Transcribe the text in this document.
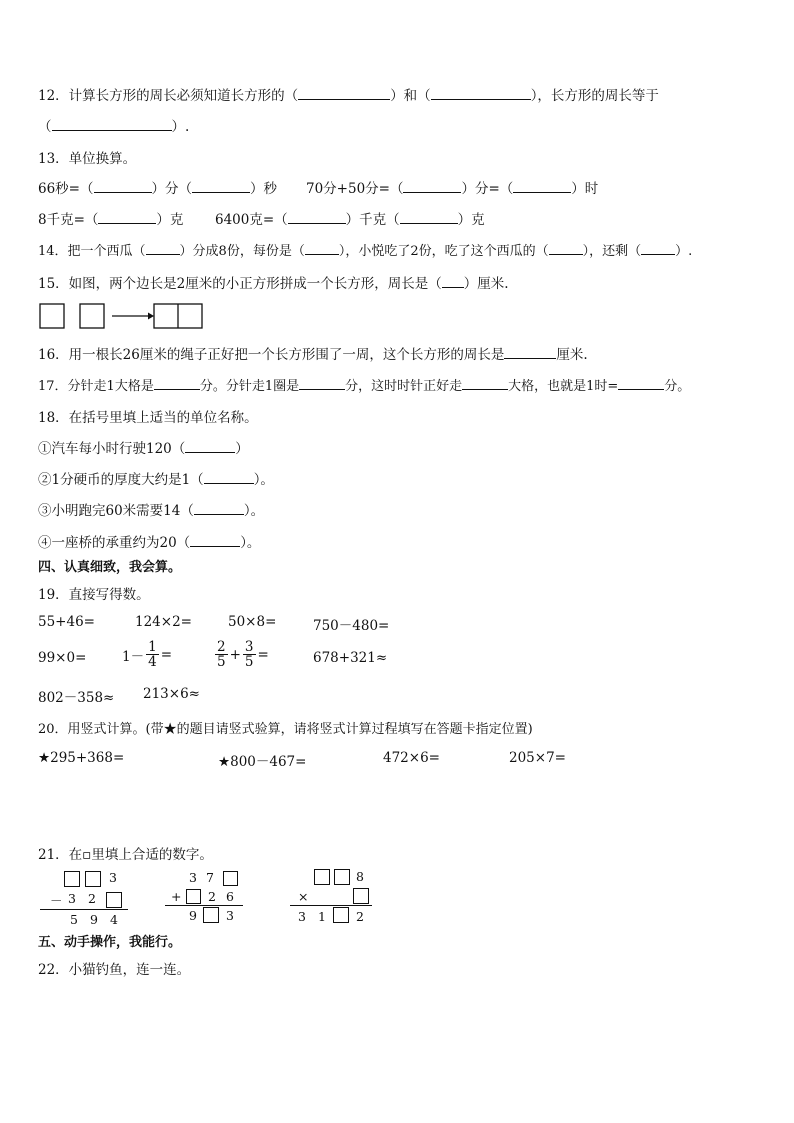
12．计算长方形的周长必须知道长方形的（	）和（	），长方形的周长等于
（	）.
13．单位换算。
66秒=（	）分（	）秒 70分+50分=（	）分=（	）时
8千克=（	）克 6400克=（	）千克（	）克
14．把一个西瓜（	）分成8份，每份是（	），小悦吃了2份，吃了这个西瓜的（	），还剩（	）.
15．如图，两个边长是2厘米的小正方形拼成一个长方形，周长是（ ）厘米.
16．用一根长26厘米的绳子正好把一个长方形围了一周，这个长方形的周长是	厘米.
17．分针走1大格是	分。分针走1圈是	分，这时时针正好走	大格，也就是1时=	分。
18．在括号里填上适当的单位名称。
①汽车每小时行驶120（	）
②1分硬币的厚度大约是1（	）。
③小明跑完60米需要14（	）。
④一座桥的承重约为20（	）。
四、认真细致，我会算。
19．直接写得数。
55+46=	124×2=	50×8=	750－480=
99×0=	$1- \frac{1}{4}$ =	$\frac{2}{5} + \frac{3}{5}$ =	678+321≈
802－358≈ 213×6≈
20．用竖式计算。(带★的题目请竖式验算，请将竖式计算过程填写在答题卡指定位置)
★295+368=	★800－467=	472×6=	205×7=
21．在▫里填上合适的数字。
3
－ 3 2
5 9 4
3 7
+ 2 6
9 3
8
×
3 1 2
五、动手操作，我能行。
22．小猫钓鱼，连一连。
